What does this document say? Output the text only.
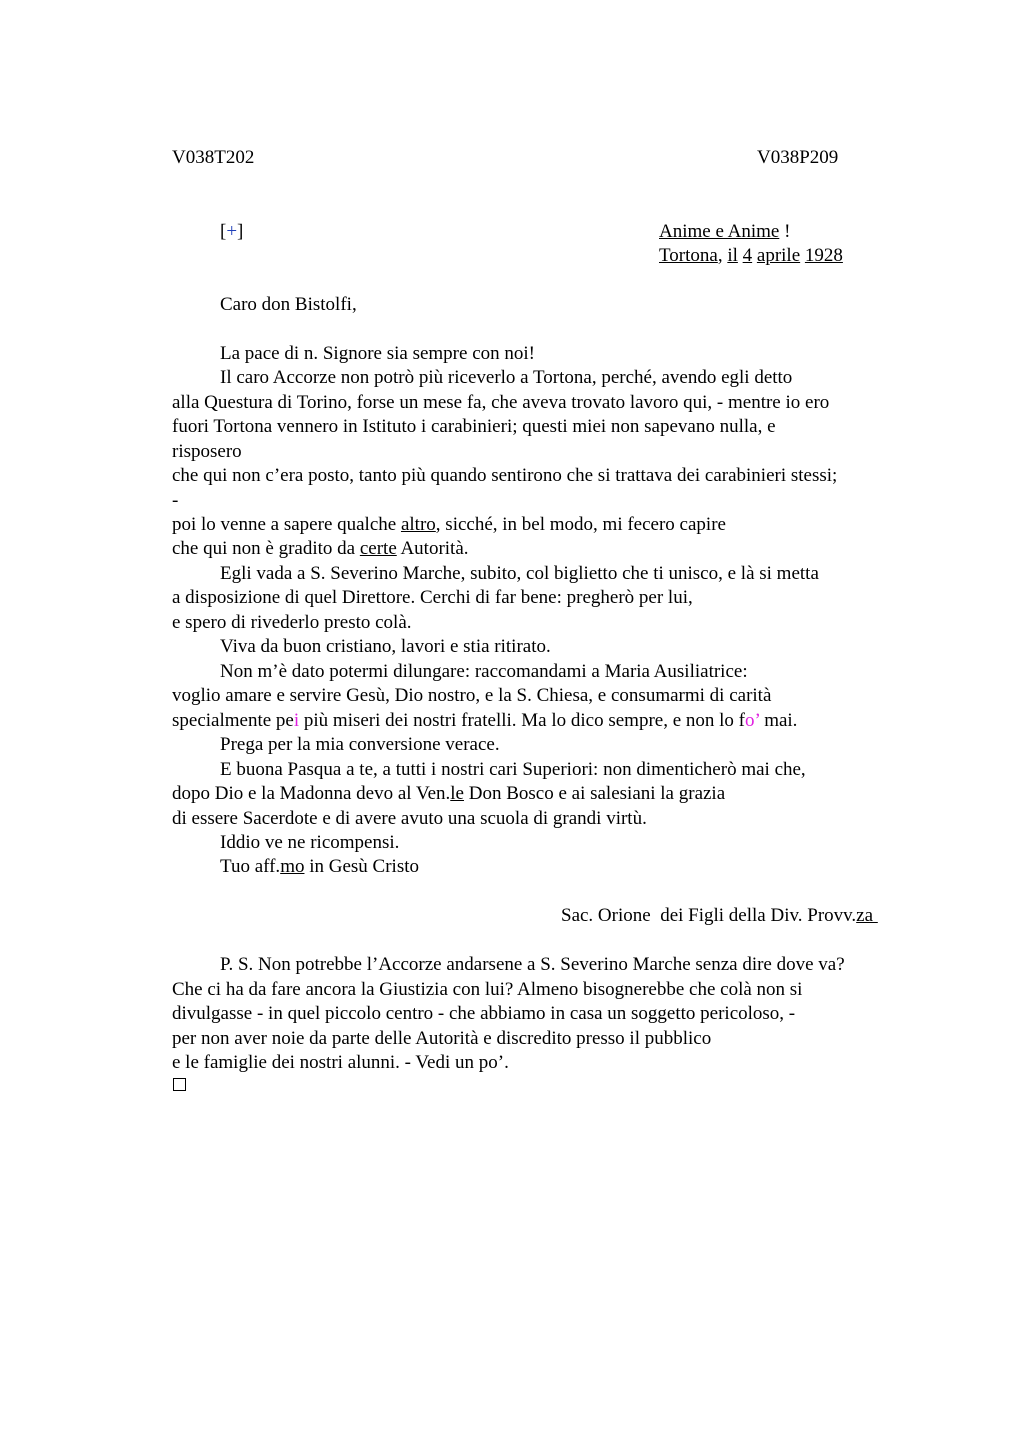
V038T202	V038P209
[+]	Anime e Anime !
Tortona, il 4 aprile 1928
Caro don Bistolfi,
La pace di n. Signore sia sempre con noi!
Il caro Accorze non potrò più riceverlo a Tortona, perché, avendo egli detto
alla Questura di Torino, forse un mese fa, che aveva trovato lavoro qui, - mentre io ero
fuori Tortona vennero in Istituto i carabinieri; questi miei non sapevano nulla, e
risposero
che qui non c’era posto, tanto più quando sentirono che si trattava dei carabinieri stessi;
-
poi lo venne a sapere qualche altro, sicché, in bel modo, mi fecero capire
che qui non è gradito da certe Autorità.
Egli vada a S. Severino Marche, subito, col biglietto che ti unisco, e là si metta
a disposizione di quel Direttore. Cerchi di far bene: pregherò per lui,
e spero di rivederlo presto colà.
Viva da buon cristiano, lavori e stia ritirato.
Non m’è dato potermi dilungare: raccomandami a Maria Ausiliatrice:
voglio amare e servire Gesù, Dio nostro, e la S. Chiesa, e consumarmi di carità
specialmente pei più miseri dei nostri fratelli. Ma lo dico sempre, e non lo fo’ mai.
Prega per la mia conversione verace.
E buona Pasqua a te, a tutti i nostri cari Superiori: non dimenticherò mai che,
dopo Dio e la Madonna devo al Ven.le Don Bosco e ai salesiani la grazia
di essere Sacerdote e di avere avuto una scuola di grandi virtù.
Iddio ve ne ricompensi.
Tuo aff.mo in Gesù Cristo
Sac. Orione  dei Figli della Div. Provv.za
P. S. Non potrebbe l’Accorze andarsene a S. Severino Marche senza dire dove va?
Che ci ha da fare ancora la Giustizia con lui? Almeno bisognerebbe che colà non si
divulgasse - in quel piccolo centro - che abbiamo in casa un soggetto pericoloso, -
per non aver noie da parte delle Autorità e discredito presso il pubblico
e le famiglie dei nostri alunni. - Vedi un po’.
